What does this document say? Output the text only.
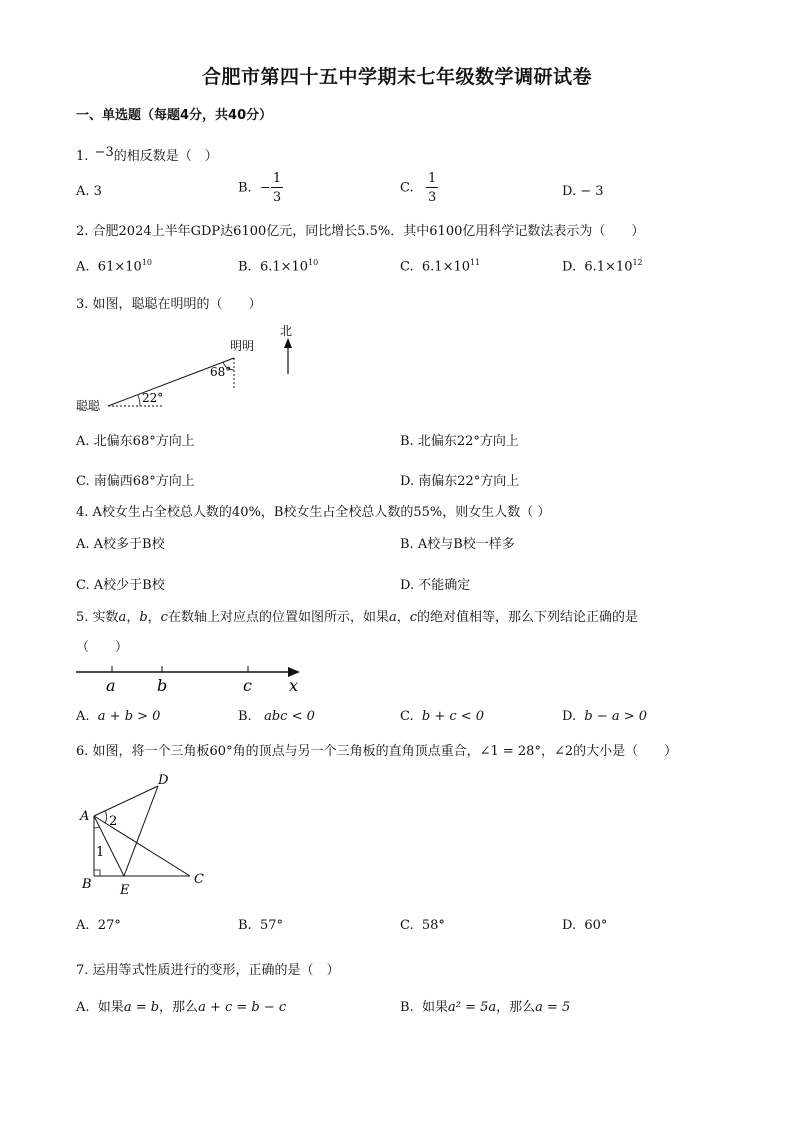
合肥市第四十五中学期末七年级数学调研试卷
一、单选题（每题4分，共40分）
1. −3的相反数是（　）
A. 3	B. − $\frac{1}{3}$	C. $\frac{1}{3}$	D. − 3
2. 合肥2024上半年GDP达6100亿元，同比增长5.5%．其中6100亿用科学记数法表示为（　　）
A. $61\times 10^{10}$	B. $6.1\times 10^{10}$	C. $6.1\times 10^{11}$	D. $6.1\times 10^{12}$
3. 如图，聪聪在明明的（　　）
北
明明
聪聪
68°
22°
A. 北偏东68°方向上	B. 北偏东22°方向上
C. 南偏西68°方向上	D. 南偏东22°方向上
4. A校女生占全校总人数的40%，B校女生占全校总人数的55%，则女生人数（ ）
A. A校多于B校	B. A校与B校一样多
C. A校少于B校	D. 不能确定
5. 实数a，b，c在数轴上对应点的位置如图所示，如果a，c的绝对值相等，那么下列结论正确的是
（　　）
a	b	c x
A. a + b > 0	B. abc < 0	C. b + c < 0	D. b − a > 0
6. 如图，将一个三角板60°角的顶点与另一个三角板的直角顶点重合，∠1 = 28°，∠2的大小是（　　）
A
B	C
D
E
1
2
A. 27°	B. 57°	C. 58°	D. 60°
7. 运用等式性质进行的变形，正确的是（　）
A. 如果a = b，那么a + c = b − c	B. 如果a² = 5a，那么a = 5
